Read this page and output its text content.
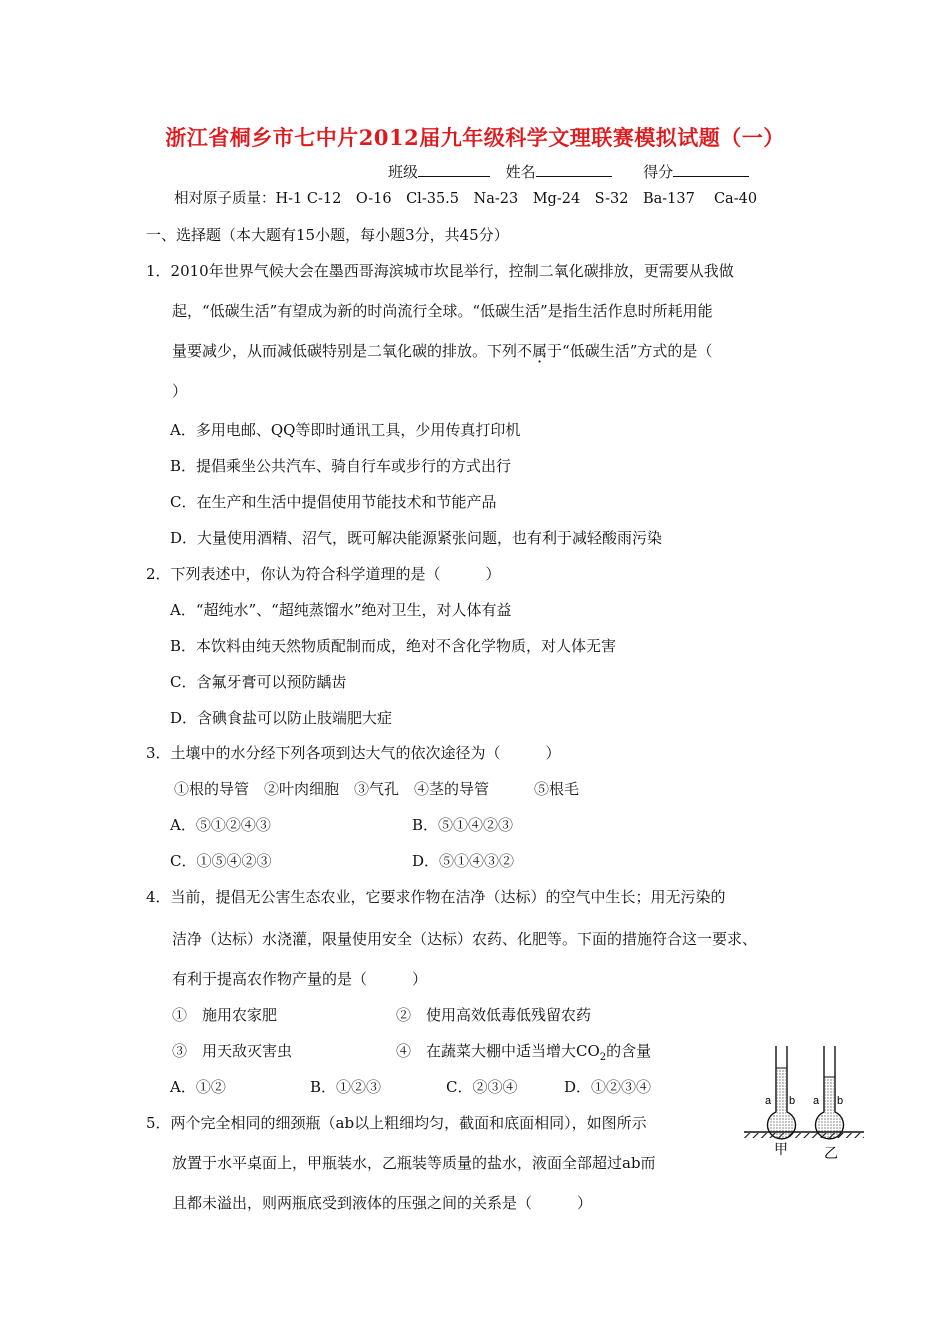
浙江省桐乡市七中片2012届九年级科学文理联赛模拟试题（一）
班级	姓名	得分
相对原子质量：H-1 C-12　O-16　Cl-35.5　Na-23　Mg-24　S-32　Ba-137　 Ca-40
一、选择题（本大题有15小题，每小题3分，共45分）
1．2010年世界气候大会在墨西哥海滨城市坎昆举行，控制二氧化碳排放，更需要从我做
起，“低碳生活”有望成为新的时尚流行全球。“低碳生活”是指生活作息时所耗用能
量要减少，从而减低碳特别是二氧化碳的排放。下列不属于“低碳生活”方式的是（
）
A．多用电邮、QQ等即时通讯工具，少用传真打印机
B．提倡乘坐公共汽车、骑自行车或步行的方式出行
C．在生产和生活中提倡使用节能技术和节能产品
D．大量使用酒精、沼气，既可解决能源紧张问题，也有利于减轻酸雨污染
2．下列表述中，你认为符合科学道理的是（　　　）
A．“超纯水”、“超纯蒸馏水”绝对卫生，对人体有益
B．本饮料由纯天然物质配制而成，绝对不含化学物质，对人体无害
C．含氟牙膏可以预防龋齿
D．含碘食盐可以防止肢端肥大症
3．土壤中的水分经下列各项到达大气的依次途径为（　　　）
①根的导管　②叶肉细胞　③气孔　④茎的导管　　　⑤根毛
A．⑤①②④③	B．⑤①④②③
C．①⑤④②③	D．⑤①④③②
4．当前，提倡无公害生态农业，它要求作物在洁净（达标）的空气中生长；用无污染的
洁净（达标）水浇灌，限量使用安全（达标）农药、化肥等。下面的措施符合这一要求、
有利于提高农作物产量的是（　　　）
①　施用农家肥	②　使用高效低毒低残留农药
③　用天敌灭害虫	④　在蔬菜大棚中适当增大$CO_2$的含量
A．①②	B．①②③	C．②③④	D．①②③④
5．两个完全相同的细颈瓶（ab以上粗细均匀，截面和底面相同），如图所示
放置于水平桌面上，甲瓶装水，乙瓶装等质量的盐水，液面全部超过ab而
且都未溢出，则两瓶底受到液体的压强之间的关系是（　　　）
a b a b
甲	乙
